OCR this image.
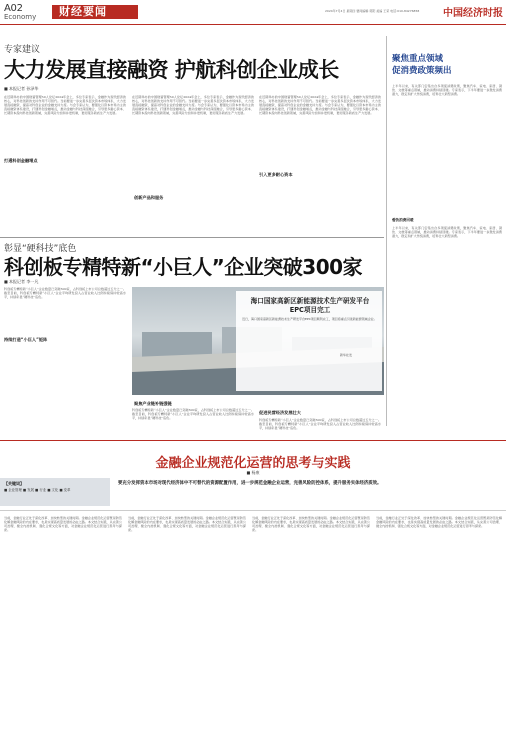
A02
Economy	财经要闻	2024年7月4日 星期四 要闻编辑 郭阳 美编 王荣 电话:010-84276858 中国经济时报
专家建议
大力发展直接融资 护航科创企业成长
■ 本报记者 孙泽华
打通科创金融堵点
创新产品和服务
引入更多耐心资本
在近期举办的中国财富管理50人论坛2024年会上，多位专家表示，金融作为现代经济的核心，对科技创新的支持作用不可替代。当前要进一步完善多层次资本市场体系，大力发展直接融资，提高对科创企业的金融支持力度。与会专家认为，要强化以资本市场为主的直接融资体系建设，打通科创金融堵点，推动金融与科技深度融合，引导更多耐心资本、长期资本投向科技创新领域，完善风险分担和补偿机制，更好服务新质生产力发展。
在近期举办的中国财富管理50人论坛2024年会上，多位专家表示，金融作为现代经济的核心，对科技创新的支持作用不可替代。当前要进一步完善多层次资本市场体系，大力发展直接融资，提高对科创企业的金融支持力度。与会专家认为，要强化以资本市场为主的直接融资体系建设，打通科创金融堵点，推动金融与科技深度融合，引导更多耐心资本、长期资本投向科技创新领域，完善风险分担和补偿机制，更好服务新质生产力发展。
在近期举办的中国财富管理50人论坛2024年会上，多位专家表示，金融作为现代经济的核心，对科技创新的支持作用不可替代。当前要进一步完善多层次资本市场体系，大力发展直接融资，提高对科创企业的金融支持力度。与会专家认为，要强化以资本市场为主的直接融资体系建设，打通科创金融堵点，推动金融与科技深度融合，引导更多耐心资本、长期资本投向科技创新领域，完善风险分担和补偿机制，更好服务新质生产力发展。
聚焦重点领域
促消费政策频出
上半年以来，有关部门密集出台多项促消费政策，聚焦汽车、家电、家居、餐饮、文旅等重点领域，推动消费持续回暖。专家表示，下半年要进一步激发消费潜力，稳定和扩大传统消费，培育壮大新型消费。
餐饮消费回暖
上半年以来，有关部门密集出台多项促消费政策，聚焦汽车、家电、家居、餐饮、文旅等重点领域，推动消费持续回暖。专家表示，下半年要进一步激发消费潜力，稳定和扩大传统消费，培育壮大新型消费。
彰显“硬科技”底色
科创板专精特新“小巨人”企业突破300家
■ 本报记者 李一凡
持续打造“小巨人”矩阵
聚焦产业链补链强链
促进民营经济发展壮大
科创板专精特新“小巨人”企业数量已突破300家，占科创板上市公司总数超过五分之一。截至目前，科创板专精特新“小巨人”企业平均研发投入占营业收入比例持续保持较高水平，持续彰显“硬科技”底色。
科创板专精特新“小巨人”企业数量已突破300家，占科创板上市公司总数超过五分之一。截至目前，科创板专精特新“小巨人”企业平均研发投入占营业收入比例持续保持较高水平，持续彰显“硬科技”底色。	科创板专精特新“小巨人”企业数量已突破300家，占科创板上市公司总数超过五分之一。截至目前，科创板专精特新“小巨人”企业平均研发投入占营业收入比例持续保持较高水平，持续彰显“硬科技”底色。
海口国家高新区新能源技术生产研发平台
EPC项目完工
近日，海口国家高新区新能源技术生产研发平台EPC项目顺利完工，项目将重点引进新能源领域企业。
新华社发
金融企业规范化运营的思考与实践
■ 杨康
【关键词】
■ 企业管理 ■ 发展 ■ 行业 ■ 文化 ■ 变革
要充分发挥资本市场对现代经济体中不可替代的资源配置作用，进一步规范金融企业运营，完善风险防控体系，提升服务实体经济质效。
当前，金融行业正处于深化改革、加快转型的关键时期。金融企业规范化运营既是防范化解金融风险的内在要求，也是实现高质量发展的必由之路。本文结合实践，从完善公司治理、健全内控机制、强化合规文化等方面，对金融企业规范化运营进行思考与探索。
当前，金融行业正处于深化改革、加快转型的关键时期。金融企业规范化运营既是防范化解金融风险的内在要求，也是实现高质量发展的必由之路。本文结合实践，从完善公司治理、健全内控机制、强化合规文化等方面，对金融企业规范化运营进行思考与探索。
当前，金融行业正处于深化改革、加快转型的关键时期。金融企业规范化运营既是防范化解金融风险的内在要求，也是实现高质量发展的必由之路。本文结合实践，从完善公司治理、健全内控机制、强化合规文化等方面，对金融企业规范化运营进行思考与探索。
当前，金融行业正处于深化改革、加快转型的关键时期。金融企业规范化运营既是防范化解金融风险的内在要求，也是实现高质量发展的必由之路。本文结合实践，从完善公司治理、健全内控机制、强化合规文化等方面，对金融企业规范化运营进行思考与探索。
